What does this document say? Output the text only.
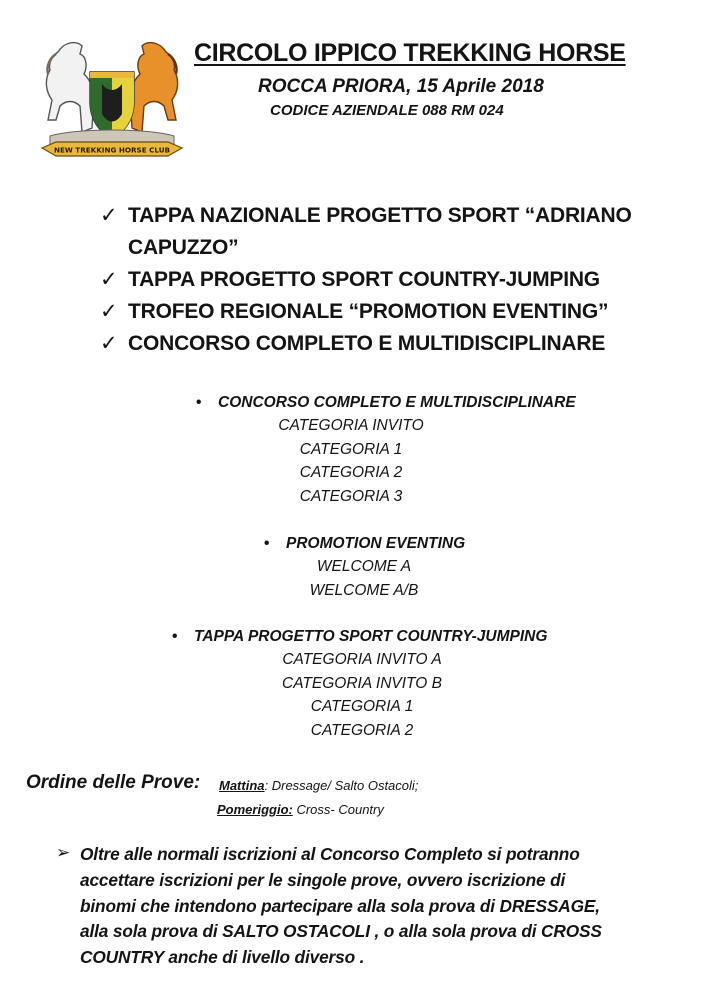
NEW TREKKING HORSE CLUB
CIRCOLO IPPICO TREKKING HORSE
ROCCA PRIORA, 15 Aprile 2018
CODICE AZIENDALE 088 RM 024
✓ TAPPA NAZIONALE PROGETTO SPORT “ADRIANO CAPUZZO”
✓ TAPPA PROGETTO SPORT COUNTRY-JUMPING
✓ TROFEO REGIONALE “PROMOTION EVENTING”
✓ CONCORSO COMPLETO E MULTIDISCIPLINARE
• CONCORSO COMPLETO E MULTIDISCIPLINARE
CATEGORIA INVITO
CATEGORIA 1
CATEGORIA 2
CATEGORIA 3
• PROMOTION EVENTING
WELCOME A
WELCOME A/B
• TAPPA PROGETTO SPORT COUNTRY-JUMPING
CATEGORIA INVITO A
CATEGORIA INVITO B
CATEGORIA 1
CATEGORIA 2
Ordine delle Prove: Mattina: Dressage/ Salto Ostacoli;
Pomeriggio: Cross- Country
➢ Oltre alle normali iscrizioni al Concorso Completo si potranno
accettare iscrizioni per le singole prove, ovvero iscrizione di
binomi che intendono partecipare alla sola prova di DRESSAGE,
alla sola prova di SALTO OSTACOLI , o alla sola prova di CROSS
COUNTRY anche di livello diverso .
